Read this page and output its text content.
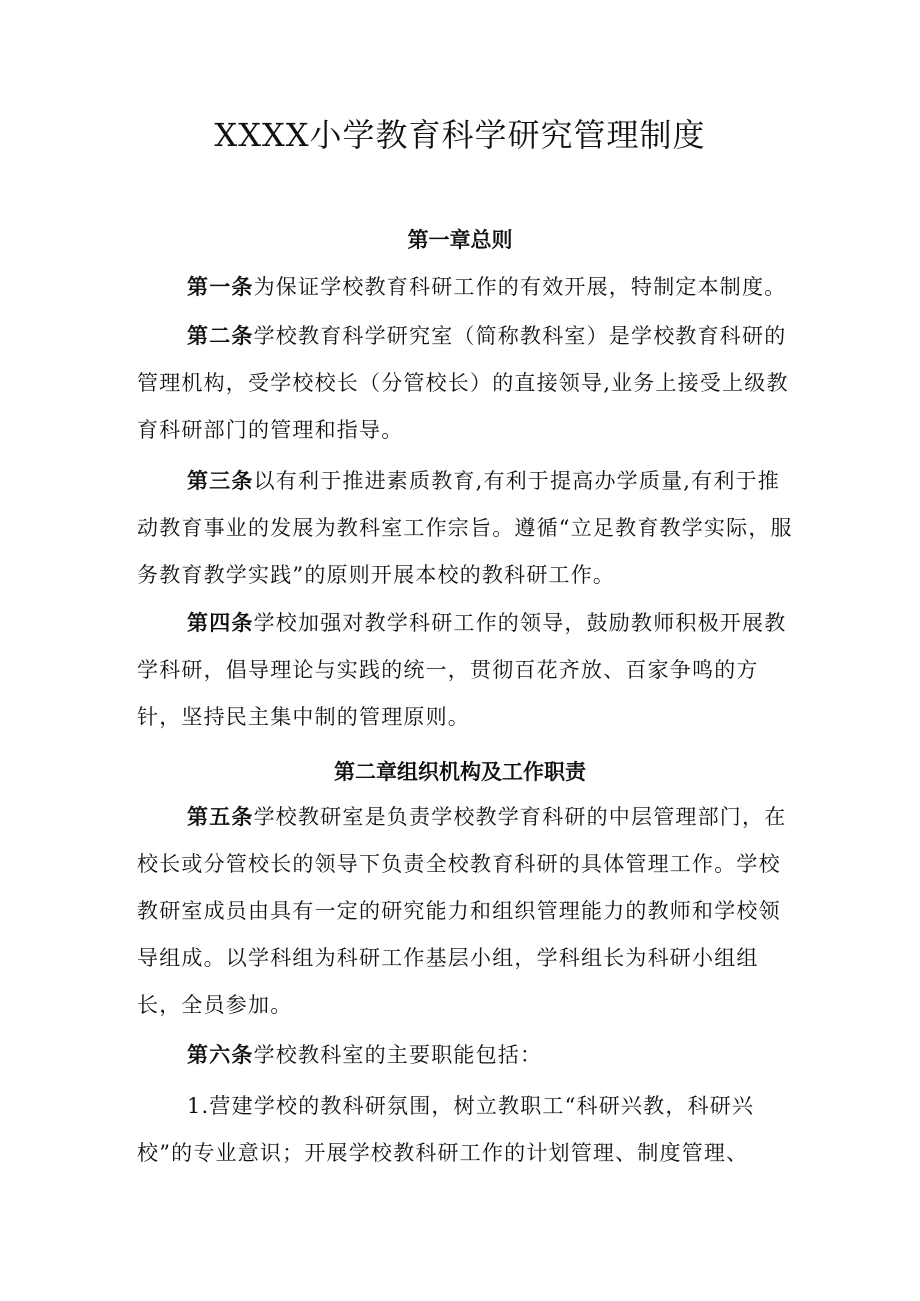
XXXX小学教育科学研究管理制度
第一章总则

第一条为保证学校教育科研工作的有效开展，特制定本制度。

第二条学校教育科学研究室（简称教科室）是学校教育科研的管理机构，受学校校长（分管校长）的直接领导,业务上接受上级教育科研部门的管理和指导。

第三条以有利于推进素质教育,有利于提高办学质量,有利于推动教育事业的发展为教科室工作宗旨。遵循“立足教育教学实际，服务教育教学实践”的原则开展本校的教科研工作。

第四条学校加强对教学科研工作的领导，鼓励教师积极开展教学科研，倡导理论与实践的统一，贯彻百花齐放、百家争鸣的方针，坚持民主集中制的管理原则。

第二章组织机构及工作职责

第五条学校教研室是负责学校教学育科研的中层管理部门，在校长或分管校长的领导下负责全校教育科研的具体管理工作。学校教研室成员由具有一定的研究能力和组织管理能力的教师和学校领导组成。以学科组为科研工作基层小组，学科组长为科研小组组长，全员参加。

第六条学校教科室的主要职能包括：

1.营建学校的教科研氛围，树立教职工“科研兴教，科研兴校”的专业意识；开展学校教科研工作的计划管理、制度管理、
